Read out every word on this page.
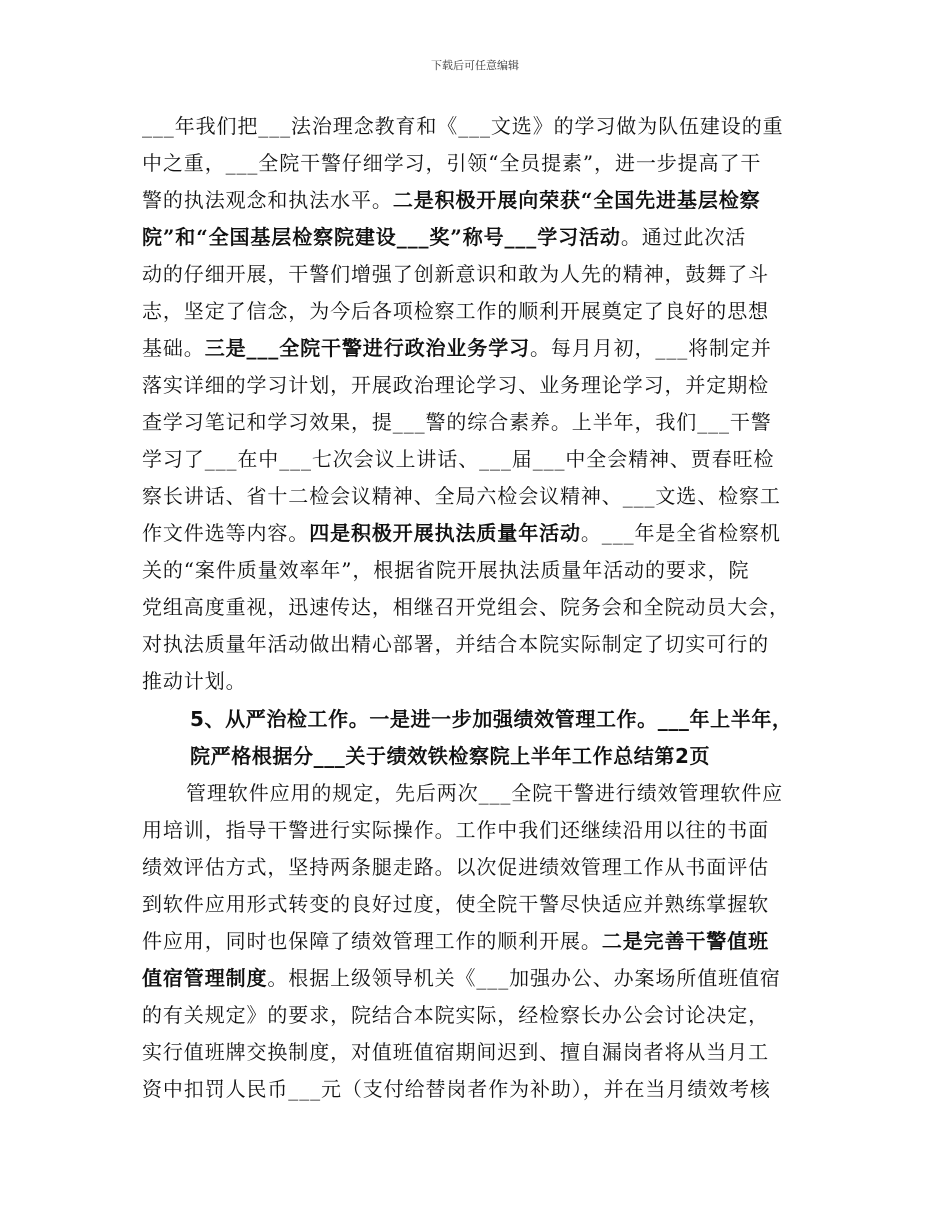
下载后可任意编辑
___年我们把___法治理念教育和《___文选》的学习做为队伍建设的重
中之重，___全院干警仔细学习，引领“全员提素”，进一步提高了干
警的执法观念和执法水平。二是积极开展向荣获“全国先进基层检察
院”和“全国基层检察院建设___奖”称号___学习活动。通过此次活
动的仔细开展，干警们增强了创新意识和敢为人先的精神，鼓舞了斗
志，坚定了信念，为今后各项检察工作的顺利开展奠定了良好的思想
基础。三是___全院干警进行政治业务学习。每月月初，___将制定并
落实详细的学习计划，开展政治理论学习、业务理论学习，并定期检
查学习笔记和学习效果，提___警的综合素养。上半年，我们___干警
学习了___在中___七次会议上讲话、___届___中全会精神、贾春旺检
察长讲话、省十二检会议精神、全局六检会议精神、___文选、检察工
作文件选等内容。四是积极开展执法质量年活动。___年是全省检察机
关的“案件质量效率年”，根据省院开展执法质量年活动的要求，院
党组高度重视，迅速传达，相继召开党组会、院务会和全院动员大会，
对执法质量年活动做出精心部署，并结合本院实际制定了切实可行的
推动计划。
5、从严治检工作。一是进一步加强绩效管理工作。___年上半年，
院严格根据分___关于绩效铁检察院上半年工作总结第2页
管理软件应用的规定，先后两次___全院干警进行绩效管理软件应
用培训，指导干警进行实际操作。工作中我们还继续沿用以往的书面
绩效评估方式，坚持两条腿走路。以次促进绩效管理工作从书面评估
到软件应用形式转变的良好过度，使全院干警尽快适应并熟练掌握软
件应用，同时也保障了绩效管理工作的顺利开展。二是完善干警值班
值宿管理制度。根据上级领导机关《___加强办公、办案场所值班值宿
的有关规定》的要求，院结合本院实际，经检察长办公会讨论决定，
实行值班牌交换制度，对值班值宿期间迟到、擅自漏岗者将从当月工
资中扣罚人民币___元（支付给替岗者作为补助），并在当月绩效考核
